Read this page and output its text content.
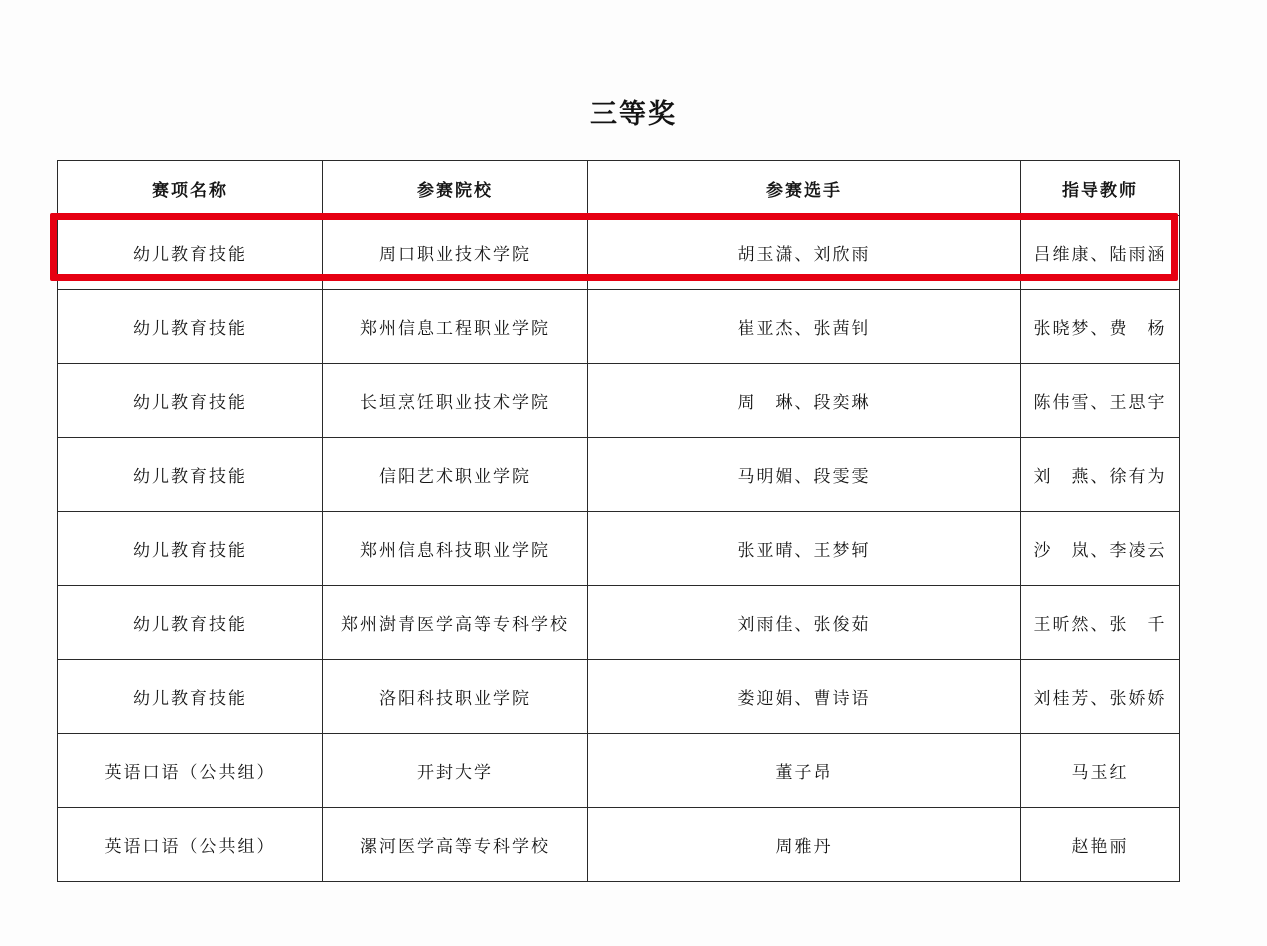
三等奖
赛项名称	参赛院校	参赛选手	指导教师
幼儿教育技能	周口职业技术学院	胡玉潇、刘欣雨	吕维康、陆雨涵
幼儿教育技能	郑州信息工程职业学院	崔亚杰、张茜钊	张晓梦、费　杨
幼儿教育技能	长垣烹饪职业技术学院	周　琳、段奕琳	陈伟雪、王思宇
幼儿教育技能	信阳艺术职业学院	马明媚、段雯雯	刘　燕、徐有为
幼儿教育技能	郑州信息科技职业学院	张亚晴、王梦轲	沙　岚、李凌云
幼儿教育技能	郑州澍青医学高等专科学校	刘雨佳、张俊茹	王昕然、张　千
幼儿教育技能	洛阳科技职业学院	娄迎娟、曹诗语	刘桂芳、张娇娇
英语口语（公共组）	开封大学	董子昂	马玉红
英语口语（公共组）	漯河医学高等专科学校	周雅丹	赵艳丽
